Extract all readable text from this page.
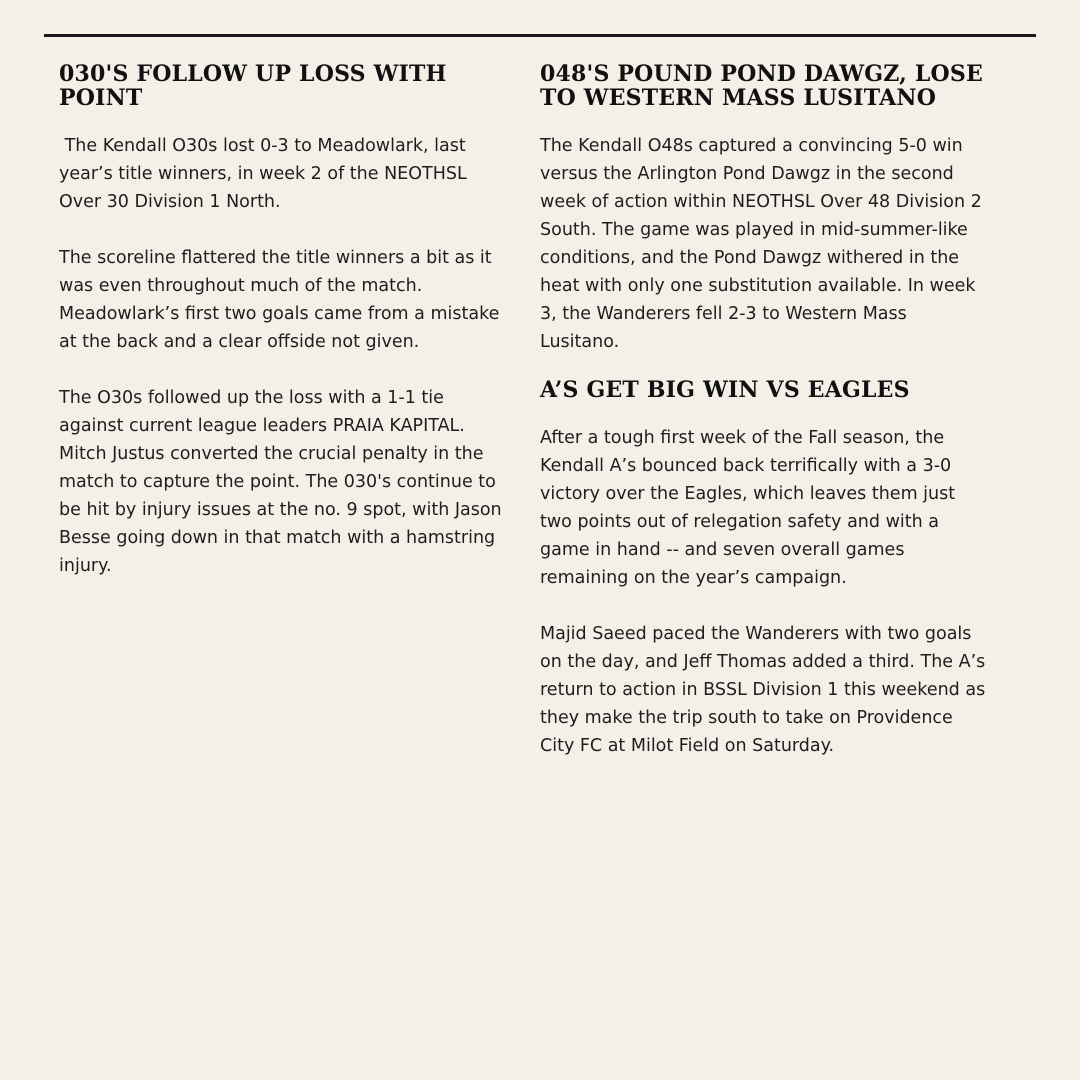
030'S FOLLOW UP LOSS WITH POINT

The Kendall O30s lost 0-3 to Meadowlark, last year’s title winners, in week 2 of the NEOTHSL Over 30 Division 1 North.

The scoreline flattered the title winners a bit as it was even throughout much of the match. Meadowlark’s first two goals came from a mistake at the back and a clear offside not given.

The O30s followed up the loss with a 1-1 tie against current league leaders PRAIA KAPITAL. Mitch Justus converted the crucial penalty in the match to capture the point. The 030's continue to be hit by injury issues at the no. 9 spot, with Jason Besse going down in that match with a hamstring injury.

048'S POUND POND DAWGZ, LOSE TO WESTERN MASS LUSITANO

The Kendall O48s captured a convincing 5-0 win versus the Arlington Pond Dawgz in the second week of action within NEOTHSL Over 48 Division 2 South. The game was played in mid-summer-like conditions, and the Pond Dawgz withered in the heat with only one substitution available. In week 3, the Wanderers fell 2-3 to Western Mass Lusitano.

A’S GET BIG WIN VS EAGLES

After a tough first week of the Fall season, the Kendall A’s bounced back terrifically with a 3-0 victory over the Eagles, which leaves them just two points out of relegation safety and with a game in hand -- and seven overall games remaining on the year’s campaign.

Majid Saeed paced the Wanderers with two goals on the day, and Jeff Thomas added a third. The A’s return to action in BSSL Division 1 this weekend as they make the trip south to take on Providence City FC at Milot Field on Saturday.
